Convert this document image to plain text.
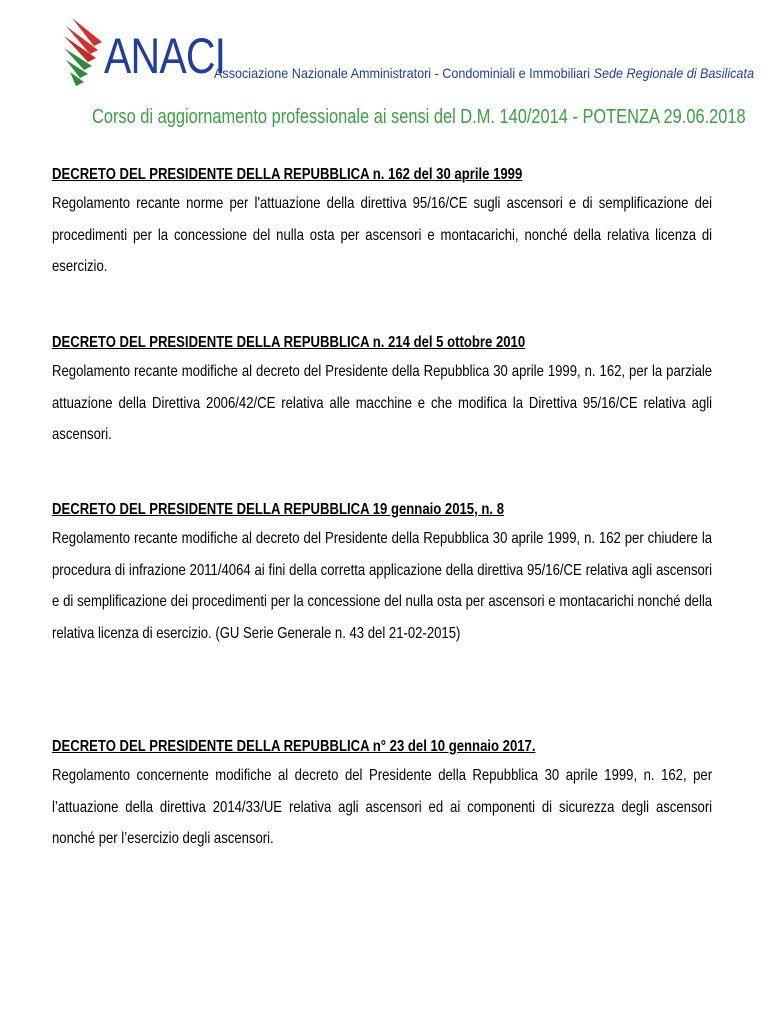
ANACI
Associazione Nazionale Amministratori - Condominiali e Immobiliari Sede Regionale di Basilicata
Corso di aggiornamento professionale ai sensi del D.M. 140/2014 - POTENZA 29.06.2018
DECRETO DEL PRESIDENTE DELLA REPUBBLICA n. 162 del 30 aprile 1999
Regolamento recante norme per l'attuazione della direttiva 95/16/CE sugli ascensori e di semplificazione dei procedimenti per la concessione del nulla osta per ascensori e montacarichi, nonché della relativa licenza di esercizio.
DECRETO DEL PRESIDENTE DELLA REPUBBLICA n. 214 del 5 ottobre 2010
Regolamento recante modifiche al decreto del Presidente della Repubblica 30 aprile 1999, n. 162, per la parziale attuazione della Direttiva 2006/42/CE relativa alle macchine e che modifica la Direttiva 95/16/CE relativa agli ascensori.
DECRETO DEL PRESIDENTE DELLA REPUBBLICA 19 gennaio 2015, n. 8
Regolamento recante modifiche al decreto del Presidente della Repubblica 30 aprile 1999, n. 162 per chiudere la procedura di infrazione 2011/4064 ai fini della corretta applicazione della direttiva 95/16/CE relativa agli ascensori e di semplificazione dei procedimenti per la concessione del nulla osta per ascensori e montacarichi nonché della relativa licenza di esercizio. (GU Serie Generale n. 43 del 21-02-2015)
DECRETO DEL PRESIDENTE DELLA REPUBBLICA n° 23 del 10 gennaio 2017.
Regolamento concernente modifiche al decreto del Presidente della Repubblica 30 aprile 1999, n. 162, per l’attuazione della direttiva 2014/33/UE relativa agli ascensori ed ai componenti di sicurezza degli ascensori nonché per l’esercizio degli ascensori.
